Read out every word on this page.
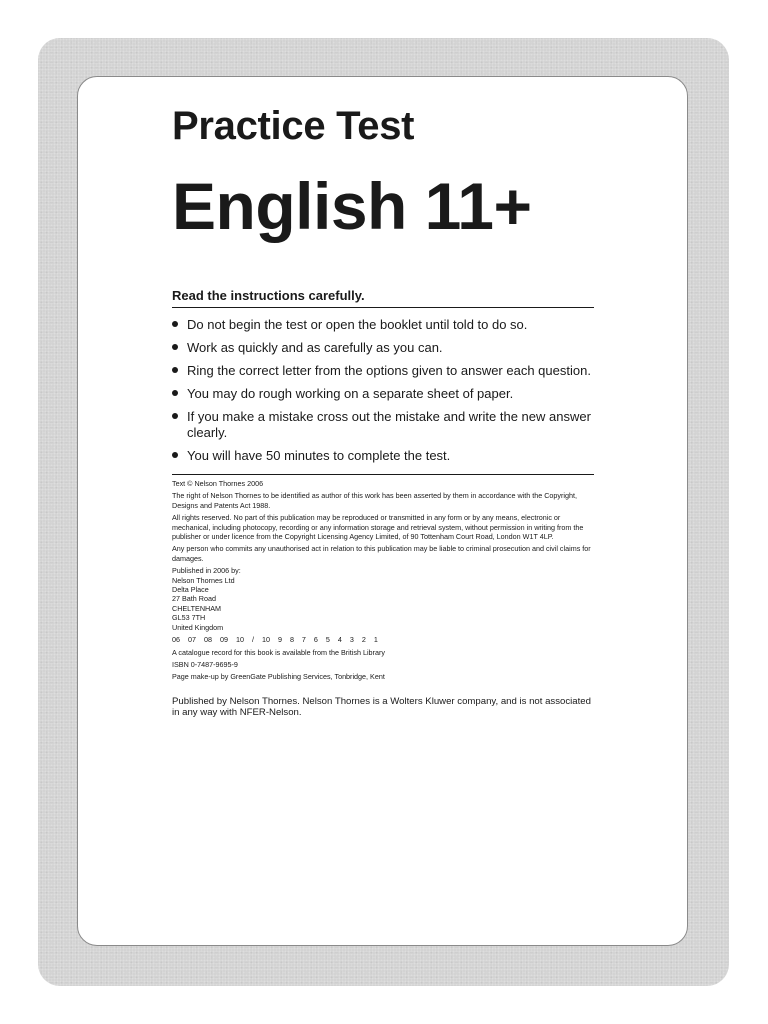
Practice Test
English 11+
Read the instructions carefully.
Do not begin the test or open the booklet until told to do so.
Work as quickly and as carefully as you can.
Ring the correct letter from the options given to answer each question.
You may do rough working on a separate sheet of paper.
If you make a mistake cross out the mistake and write the new answer clearly.
You will have 50 minutes to complete the test.

Text © Nelson Thornes 2006

The right of Nelson Thornes to be identified as author of this work has been asserted by them in accordance with the Copyright, Designs and Patents Act 1988.

All rights reserved. No part of this publication may be reproduced or transmitted in any form or by any means, electronic or mechanical, including photocopy, recording or any information storage and retrieval system, without permission in writing from the publisher or under licence from the Copyright Licensing Agency Limited, of 90 Tottenham Court Road, London W1T 4LP.

Any person who commits any unauthorised act in relation to this publication may be liable to criminal prosecution and civil claims for damages.

Published in 2006 by:
Nelson Thornes Ltd
Delta Place
27 Bath Road
CHELTENHAM
GL53 7TH
United Kingdom

06 07 08 09 10 / 10 9 8 7 6 5 4 3 2 1

A catalogue record for this book is available from the British Library

ISBN 0-7487-9695-9

Page make-up by GreenGate Publishing Services, Tonbridge, Kent

Published by Nelson Thornes. Nelson Thornes is a Wolters Kluwer company, and is not associated in any way with NFER-Nelson.
